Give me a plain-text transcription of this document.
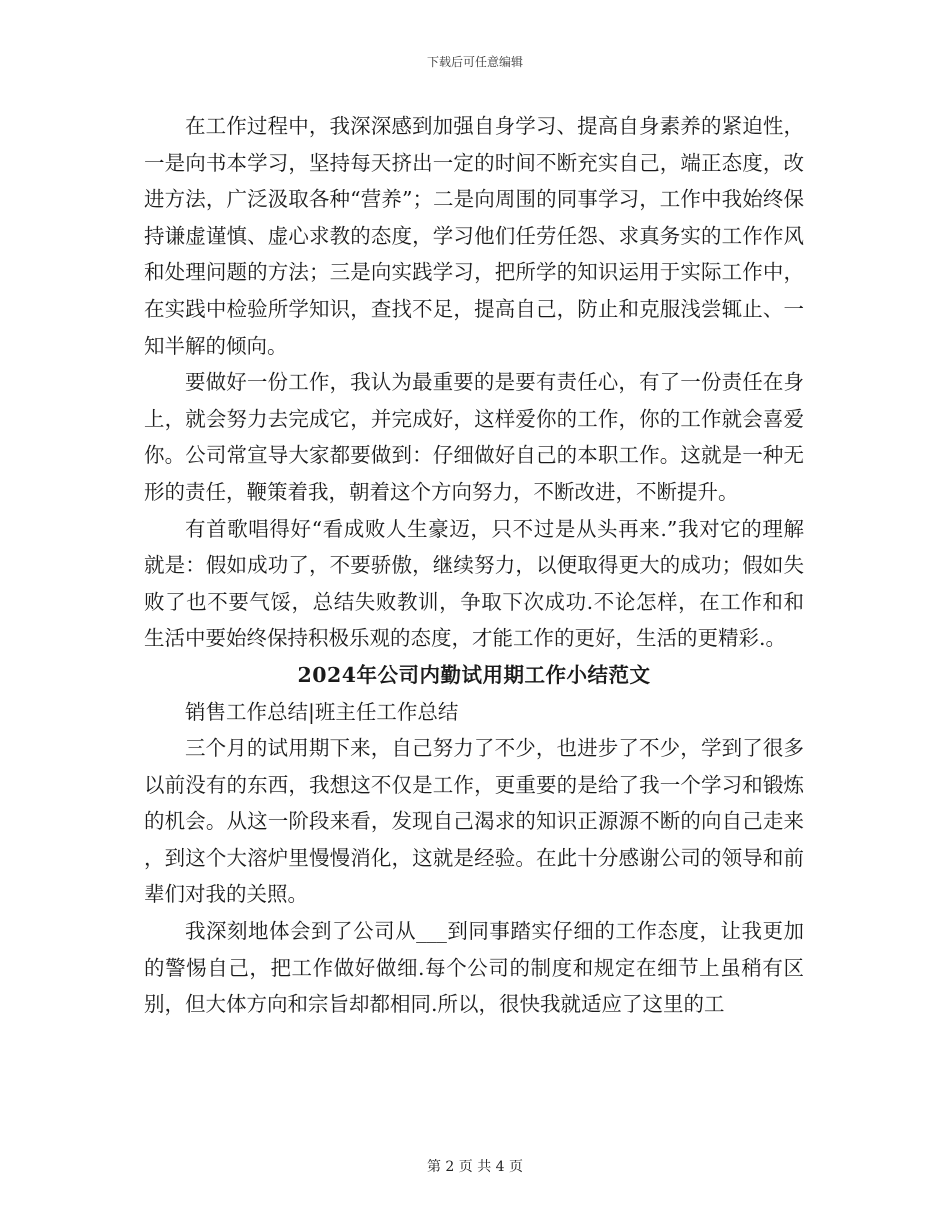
下载后可任意编辑

在工作过程中，我深深感到加强自身学习、提高自身素养的紧迫性，一是向书本学习，坚持每天挤出一定的时间不断充实自己，端正态度，改进方法，广泛汲取各种“营养”；二是向周围的同事学习，工作中我始终保持谦虚谨慎、虚心求教的态度，学习他们任劳任怨、求真务实的工作作风和处理问题的方法；三是向实践学习，把所学的知识运用于实际工作中，在实践中检验所学知识，查找不足，提高自己，防止和克服浅尝辄止、一知半解的倾向。

要做好一份工作，我认为最重要的是要有责任心，有了一份责任在身上，就会努力去完成它，并完成好，这样爱你的工作，你的工作就会喜爱你。公司常宣导大家都要做到：仔细做好自己的本职工作。这就是一种无形的责任，鞭策着我，朝着这个方向努力，不断改进，不断提升。

有首歌唱得好“看成败人生豪迈，只不过是从头再来.”我对它的理解就是：假如成功了，不要骄傲，继续努力，以便取得更大的成功；假如失败了也不要气馁，总结失败教训，争取下次成功.不论怎样，在工作和和生活中要始终保持积极乐观的态度，才能工作的更好，生活的更精彩.。

2024年公司内勤试用期工作小结范文

销售工作总结|班主任工作总结

三个月的试用期下来，自己努力了不少，也进步了不少，学到了很多以前没有的东西，我想这不仅是工作，更重要的是给了我一个学习和锻炼的机会。从这一阶段来看，发现自己渴求的知识正源源不断的向自己走来，到这个大溶炉里慢慢消化，这就是经验。在此十分感谢公司的领导和前辈们对我的关照。

我深刻地体会到了公司从___到同事踏实仔细的工作态度，让我更加的警惕自己，把工作做好做细.每个公司的制度和规定在细节上虽稍有区别，但大体方向和宗旨却都相同.所以，很快我就适应了这里的工

第 2 页 共 4 页
